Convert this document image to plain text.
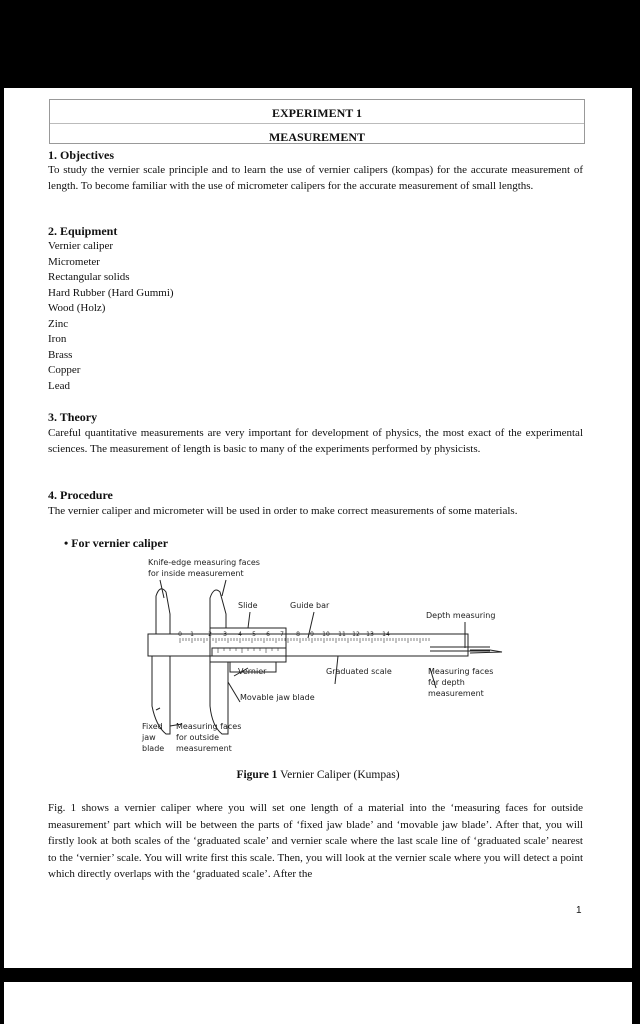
EXPERIMENT 1
MEASUREMENT
1. Objectives
To study the vernier scale principle and to learn the use of vernier calipers (kompas) for the accurate measurement of length. To become familiar with the use of micrometer calipers for the accurate measurement of small lengths.
2. Equipment
Vernier caliper
Micrometer
Rectangular solids
Hard Rubber (Hard Gummi)
Wood (Holz)
Zinc
Iron
Brass
Copper
Lead
3. Theory
Careful quantitative measurements are very important for development of physics, the most exact of the experimental sciences. The measurement of length is basic to many of the experiments performed by physicists.
4. Procedure
The vernier caliper and micrometer will be used in order to make correct measurements of some materials.
• For vernier caliper
0 1 2 3 4 5 6 7 8 9 10 11 12 13 14
Knife-edge measuring faces
for inside measurement
Slide	Guide bar
Depth measuring
Vernier	Graduated scale	Measuring faces
for depth
measurement
Movable jaw blade
Fixed
jaw
blade
Measuring faces
for outside
measurement
Figure 1 Vernier Caliper (Kumpas)
Fig. 1 shows a vernier caliper where you will set one length of a material into the ‘measuring faces for outside measurement’ part which will be between the parts of ‘fixed jaw blade’ and ‘movable jaw blade’. After that, you will firstly look at both scales of the ‘graduated scale’ and vernier scale where the last scale line of ‘graduated scale’ nearest to the ‘vernier’ scale. You will write first this scale. Then, you will look at the vernier scale where you will detect a point which directly overlaps with the ‘graduated scale’. After the
1
